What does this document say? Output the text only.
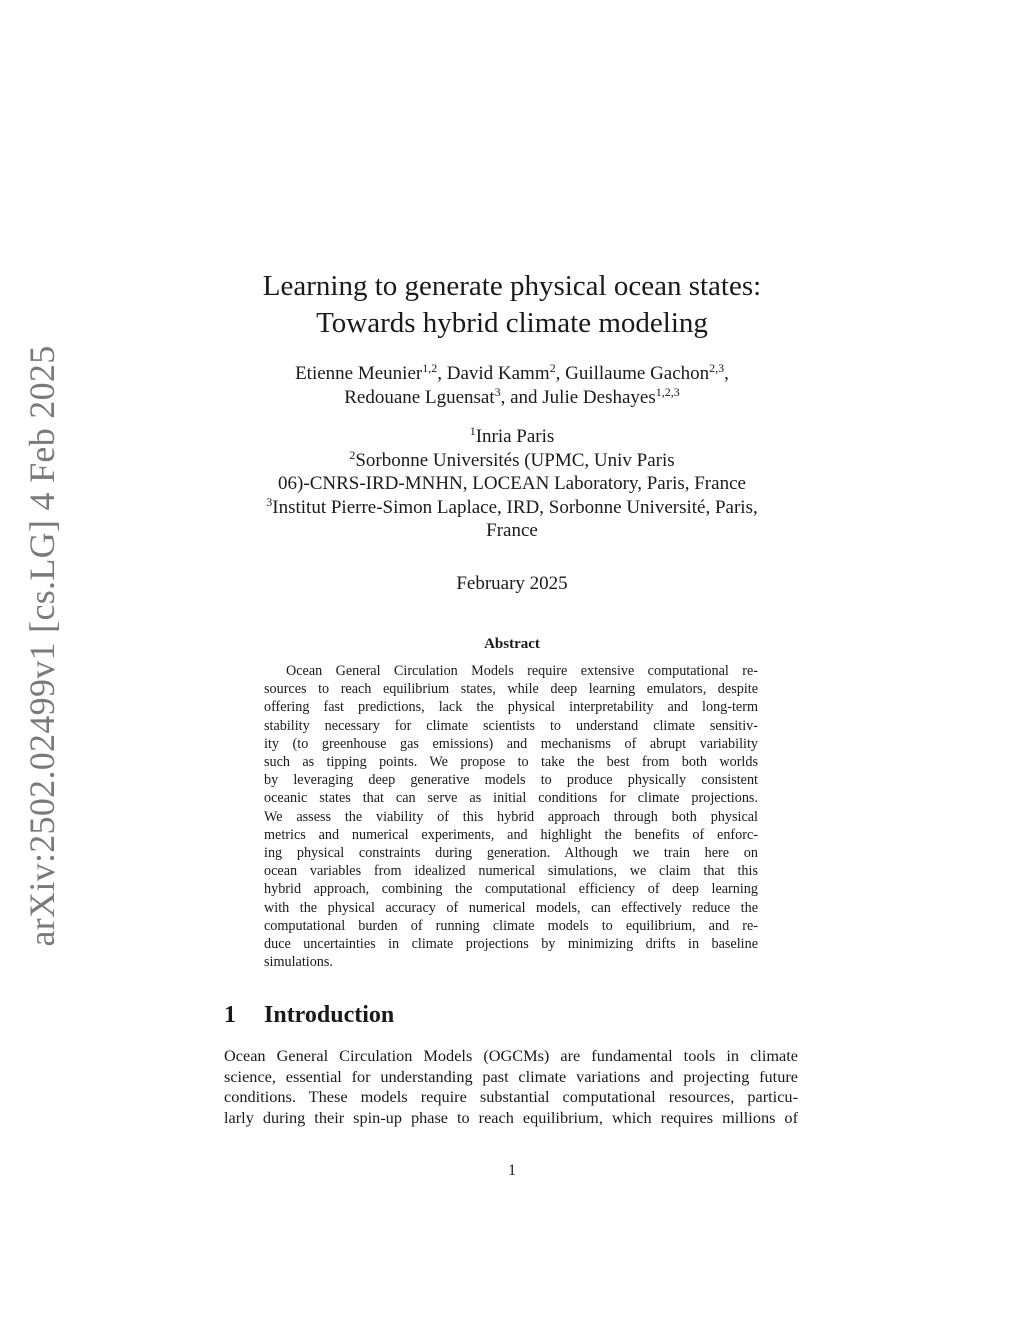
arXiv:2502.02499v1 [cs.LG] 4 Feb 2025
Learning to generate physical ocean states:
Towards hybrid climate modeling
Etienne Meunier$^{1,2}$, David Kamm$^2$, Guillaume Gachon$^{2,3}$,
Redouane Lguensat$^3$, and Julie Deshayes$^{1,2,3}$
$^1$Inria Paris
$^2$Sorbonne Universités (UPMC, Univ Paris
06)-CNRS-IRD-MNHN, LOCEAN Laboratory, Paris, France
$^3$Institut Pierre-Simon Laplace, IRD, Sorbonne Université, Paris,
France
February 2025
Abstract
Ocean General Circulation Models require extensive computational re-
sources to reach equilibrium states, while deep learning emulators, despite
offering fast predictions, lack the physical interpretability and long-term
stability necessary for climate scientists to understand climate sensitiv-
ity (to greenhouse gas emissions) and mechanisms of abrupt variability
such as tipping points. We propose to take the best from both worlds
by leveraging deep generative models to produce physically consistent
oceanic states that can serve as initial conditions for climate projections.
We assess the viability of this hybrid approach through both physical
metrics and numerical experiments, and highlight the benefits of enforc-
ing physical constraints during generation. Although we train here on
ocean variables from idealized numerical simulations, we claim that this
hybrid approach, combining the computational efficiency of deep learning
with the physical accuracy of numerical models, can effectively reduce the
computational burden of running climate models to equilibrium, and re-
duce uncertainties in climate projections by minimizing drifts in baseline
simulations.
1 Introduction
Ocean General Circulation Models (OGCMs) are fundamental tools in climate
science, essential for understanding past climate variations and projecting future
conditions. These models require substantial computational resources, particu-
larly during their spin-up phase to reach equilibrium, which requires millions of
1
